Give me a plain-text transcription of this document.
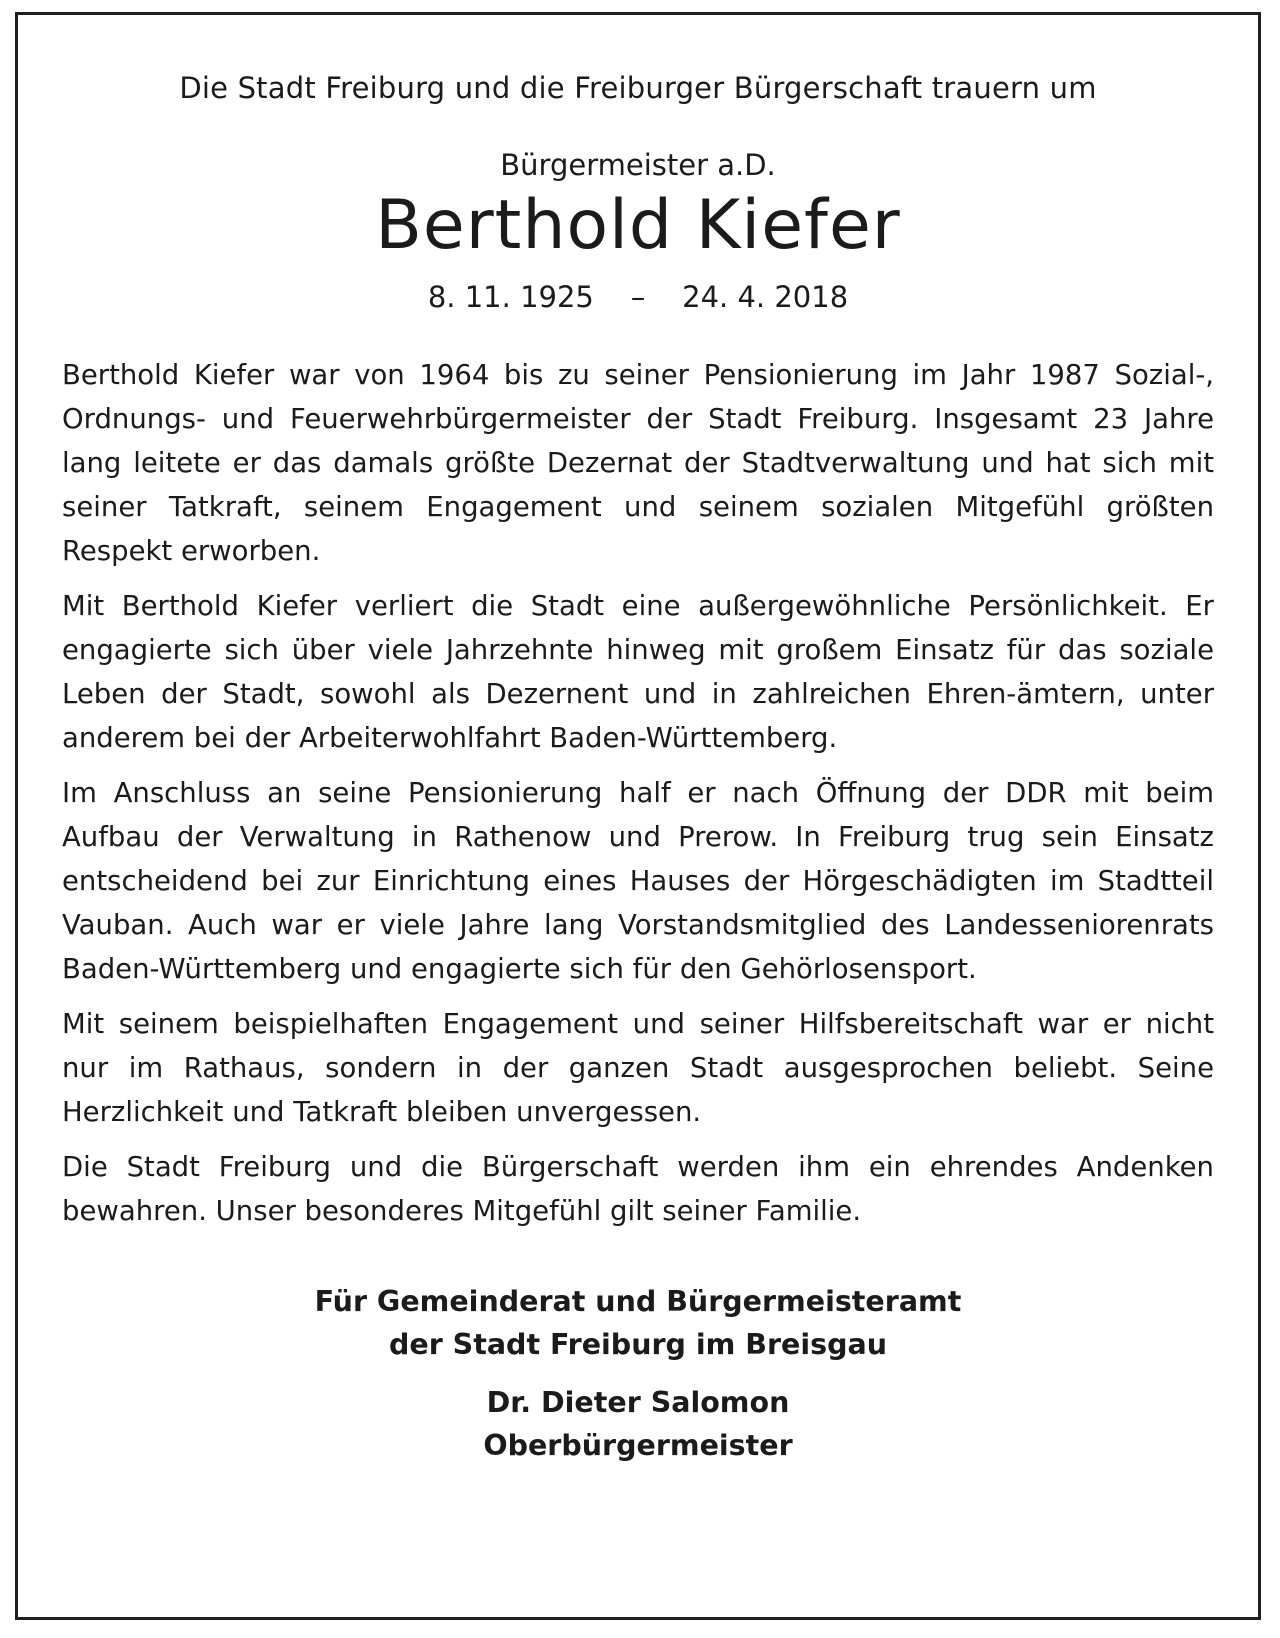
Die Stadt Freiburg und die Freiburger Bürgerschaft trauern um

Bürgermeister a.D.

Berthold Kiefer

8. 11. 1925    –    24. 4. 2018

Berthold Kiefer war von 1964 bis zu seiner Pensionierung im Jahr 1987 Sozial-, Ordnungs- und Feuerwehrbürgermeister der Stadt Freiburg. Insgesamt 23 Jahre lang leitete er das damals größte Dezernat der Stadtverwaltung und hat sich mit seiner Tatkraft, seinem Engagement und seinem sozialen Mitgefühl größten Respekt erworben.

Mit Berthold Kiefer verliert die Stadt eine außergewöhnliche Persönlichkeit. Er engagierte sich über viele Jahrzehnte hinweg mit großem Einsatz für das soziale Leben der Stadt, sowohl als Dezernent und in zahlreichen Ehren-ämtern, unter anderem bei der Arbeiterwohlfahrt Baden-Württemberg.

Im Anschluss an seine Pensionierung half er nach Öffnung der DDR mit beim Aufbau der Verwaltung in Rathenow und Prerow. In Freiburg trug sein Einsatz entscheidend bei zur Einrichtung eines Hauses der Hörgeschädigten im Stadtteil Vauban. Auch war er viele Jahre lang Vorstandsmitglied des Landesseniorenrats Baden-Württemberg und engagierte sich für den Gehörlosensport.

Mit seinem beispielhaften Engagement und seiner Hilfsbereitschaft war er nicht nur im Rathaus, sondern in der ganzen Stadt ausgesprochen beliebt. Seine Herzlichkeit und Tatkraft bleiben unvergessen.

Die Stadt Freiburg und die Bürgerschaft werden ihm ein ehrendes Andenken bewahren. Unser besonderes Mitgefühl gilt seiner Familie.

Für Gemeinderat und Bürgermeisteramt

der Stadt Freiburg im Breisgau

Dr. Dieter Salomon

Oberbürgermeister
